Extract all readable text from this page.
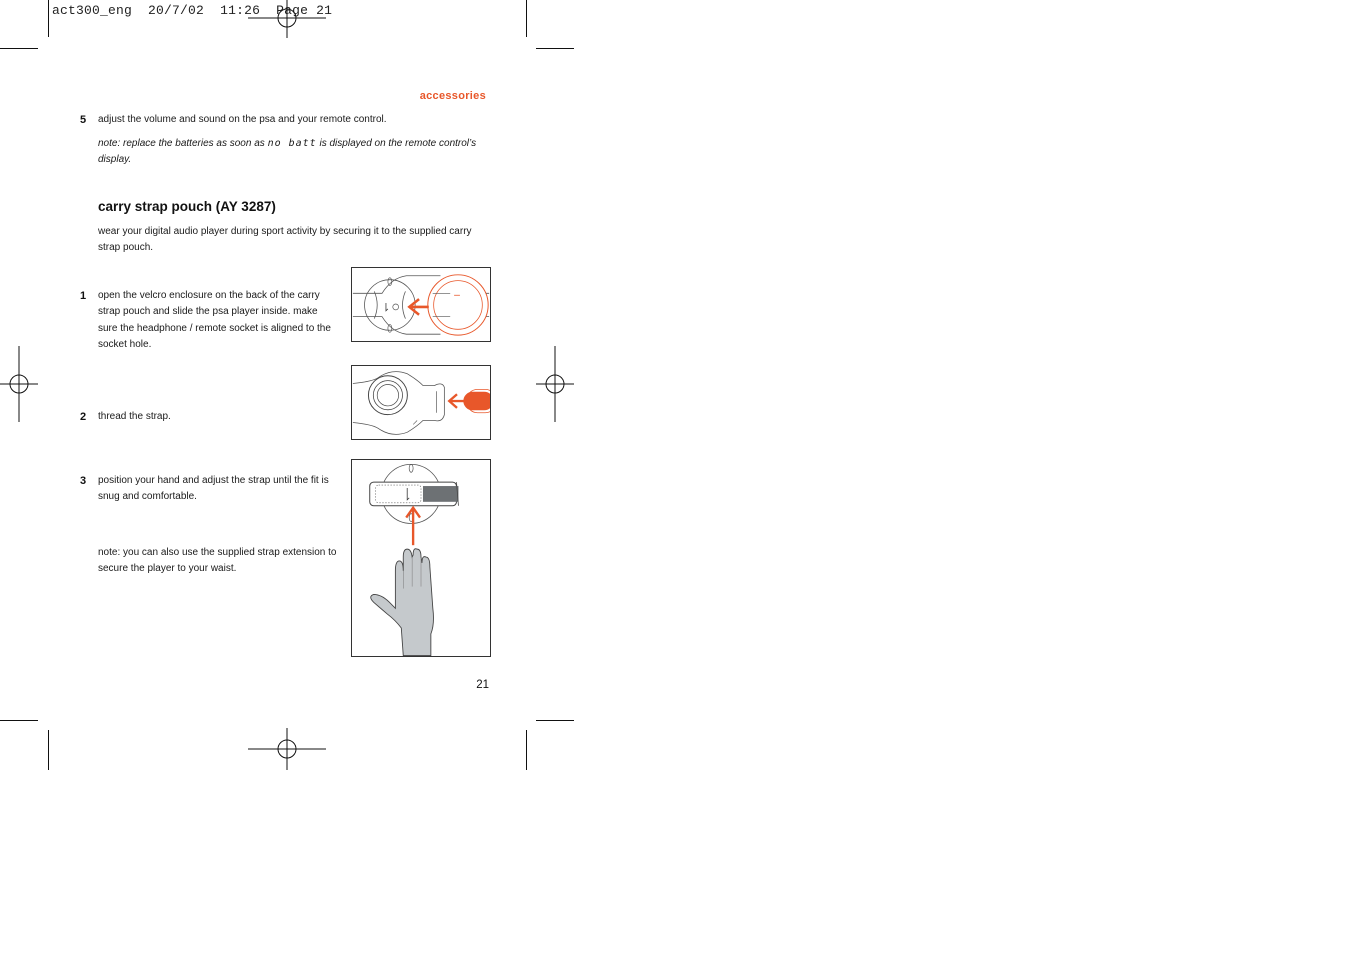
act300_eng 20/7/02 11:26 Page 21
accessories
5 adjust the volume and sound on the psa and your remote control.
note: replace the batteries as soon as no batt is displayed on the remote control’s
display.
carry strap pouch (AY 3287)
wear your digital audio player during sport activity by securing it to the supplied carry
strap pouch.
1 open the velcro enclosure on the back of the carry
strap pouch and slide the psa player inside. make
sure the headphone / remote socket is aligned to the
socket hole.
2 thread the strap.
3 position your hand and adjust the strap until the fit is
snug and comfortable.
note: you can also use the supplied strap extension to
secure the player to your waist.
21
